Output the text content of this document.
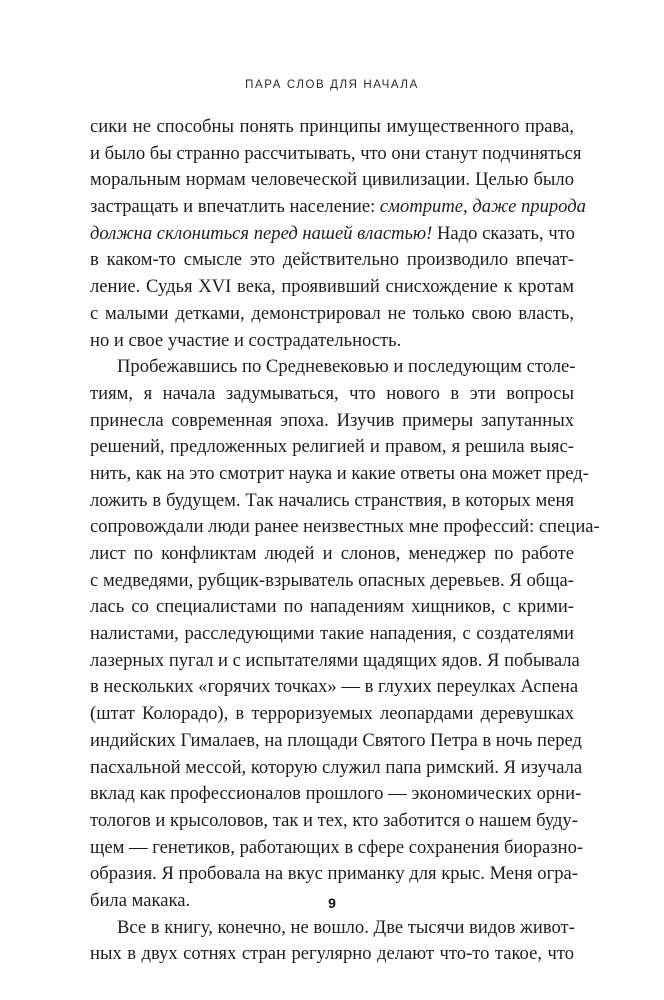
ПАРА СЛОВ ДЛЯ НАЧАЛА
сики не способны понять принципы имущественного права,
и было бы странно рассчитывать, что они станут подчиняться
моральным нормам человеческой цивилизации. Целью было
застращать и впечатлить население: смотрите, даже природа
должна склониться перед нашей властью! Надо сказать, что
в каком-то смысле это действительно производило впечат-
ление. Судья XVI века, проявивший снисхождение к кротам
с малыми детками, демонстрировал не только свою власть,
но и свое участие и сострадательность.
Пробежавшись по Средневековью и последующим столе-
тиям, я начала задумываться, что нового в эти вопросы
принесла современная эпоха. Изучив примеры запутанных
решений, предложенных религией и правом, я решила выяс-
нить, как на это смотрит наука и какие ответы она может пред-
ложить в будущем. Так начались странствия, в которых меня
сопровождали люди ранее неизвестных мне профессий: специа-
лист по конфликтам людей и слонов, менеджер по работе
с медведями, рубщик-взрыватель опасных деревьев. Я обща-
лась со специалистами по нападениям хищников, с крими-
налистами, расследующими такие нападения, с создателями
лазерных пугал и с испытателями щадящих ядов. Я побывала
в нескольких «горячих точках» — в глухих переулках Аспена
(штат Колорадо), в терроризуемых леопардами деревушках
индийских Гималаев, на площади Святого Петра в ночь перед
пасхальной мессой, которую служил папа римский. Я изучала
вклад как профессионалов прошлого — экономических орни-
тологов и крысоловов, так и тех, кто заботится о нашем буду-
щем — генетиков, работающих в сфере сохранения биоразно-
образия. Я пробовала на вкус приманку для крыс. Меня огра-
била макака.
Все в книгу, конечно, не вошло. Две тысячи видов живот-
ных в двух сотнях стран регулярно делают что-то такое, что
9
